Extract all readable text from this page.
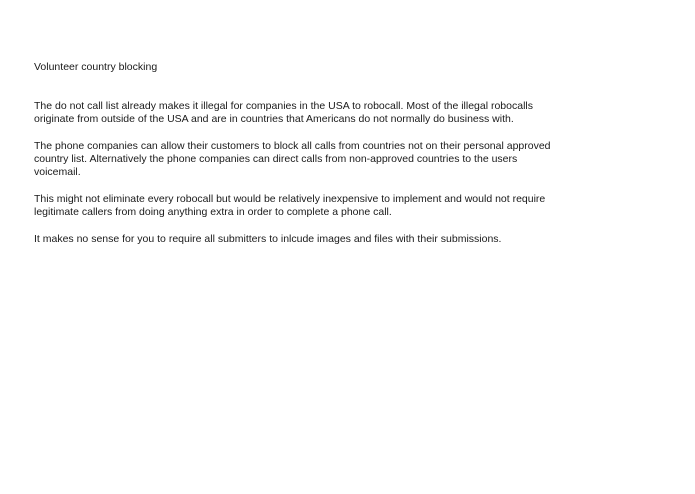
Volunteer country blocking

The do not call list already makes it illegal for companies in the USA to robocall. Most of the illegal robocalls
originate from outside of the USA and are in countries that Americans do not normally do business with.

The phone companies can allow their customers to block all calls from countries not on their personal approved
country list. Alternatively the phone companies can direct calls from non-approved countries to the users
voicemail.

This might not eliminate every robocall but would be relatively inexpensive to implement and would not require
legitimate callers from doing anything extra in order to complete a phone call.

It makes no sense for you to require all submitters to inlcude images and files with their submissions.
